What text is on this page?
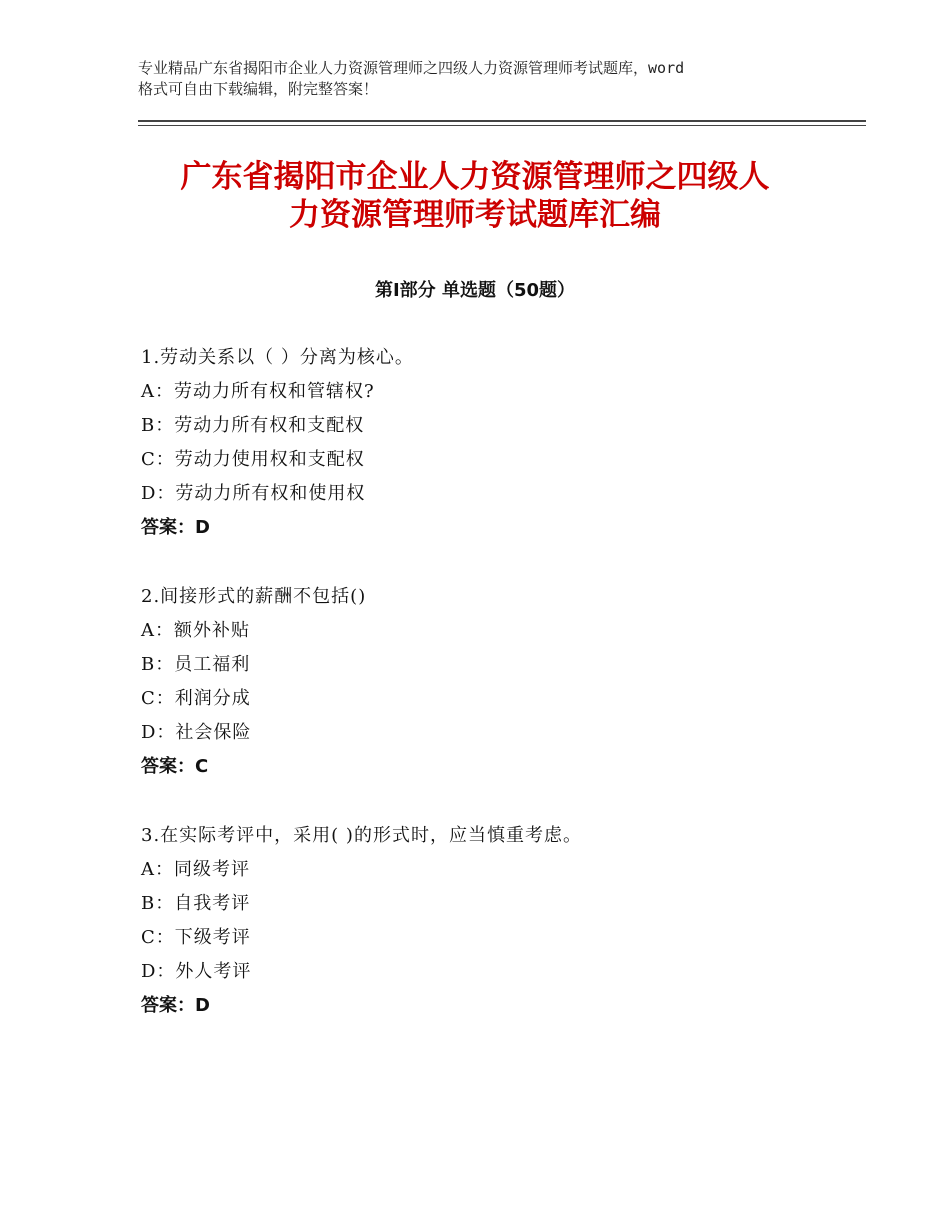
专业精品广东省揭阳市企业人力资源管理师之四级人力资源管理师考试题库，word
格式可自由下载编辑，附完整答案！
广东省揭阳市企业人力资源管理师之四级人
力资源管理师考试题库汇编
第Ⅰ部分 单选题（50题）
1.劳动关系以（ ）分离为核心。
A：劳动力所有权和管辖权?
B：劳动力所有权和支配权
C：劳动力使用权和支配权
D：劳动力所有权和使用权
答案：D
2.间接形式的薪酬不包括()
A：额外补贴
B：员工福利
C：利润分成
D：社会保险
答案：C
3.在实际考评中，采用( )的形式时，应当慎重考虑。
A：同级考评
B：自我考评
C：下级考评
D：外人考评
答案：D
